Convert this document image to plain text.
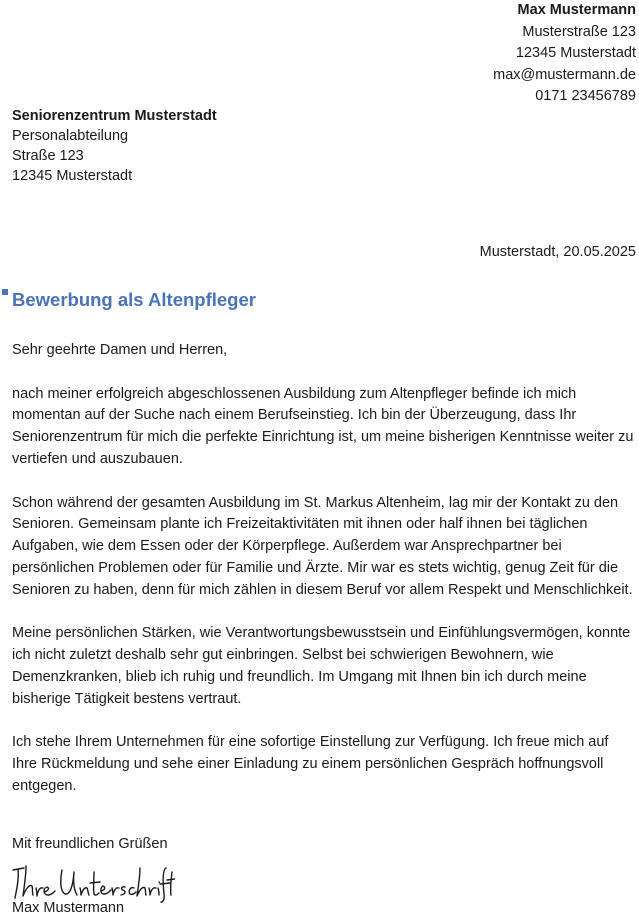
Max Mustermann
Musterstraße 123
12345 Musterstadt
max@mustermann.de
0171 23456789
Seniorenzentrum Musterstadt
Personalabteilung
Straße 123
12345 Musterstadt
Musterstadt, 20.05.2025
Bewerbung als Altenpfleger

Sehr geehrte Damen und Herren,

nach meiner erfolgreich abgeschlossenen Ausbildung zum Altenpfleger befinde ich mich momentan auf der Suche nach einem Berufseinstieg. Ich bin der Überzeugung, dass Ihr Seniorenzentrum für mich die perfekte Einrichtung ist, um meine bisherigen Kenntnisse weiter zu vertiefen und auszubauen.

Schon während der gesamten Ausbildung im St. Markus Altenheim, lag mir der Kontakt zu den Senioren. Gemeinsam plante ich Freizeitaktivitäten mit ihnen oder half ihnen bei täglichen Aufgaben, wie dem Essen oder der Körperpflege. Außerdem war Ansprechpartner bei persönlichen Problemen oder für Familie und Ärzte. Mir war es stets wichtig, genug Zeit für die Senioren zu haben, denn für mich zählen in diesem Beruf vor allem Respekt und Menschlichkeit.

Meine persönlichen Stärken, wie Verantwortungsbewusstsein und Einfühlungsvermögen, konnte ich nicht zuletzt deshalb sehr gut einbringen. Selbst bei schwierigen Bewohnern, wie Demenzkranken, blieb ich ruhig und freundlich. Im Umgang mit Ihnen bin ich durch meine bisherige Tätigkeit bestens vertraut.

Ich stehe Ihrem Unternehmen für eine sofortige Einstellung zur Verfügung. Ich freue mich auf Ihre Rückmeldung und sehe einer Einladung zu einem persönlichen Gespräch hoffnungsvoll entgegen.

Mit freundlichen Grüßen
Max Mustermann
